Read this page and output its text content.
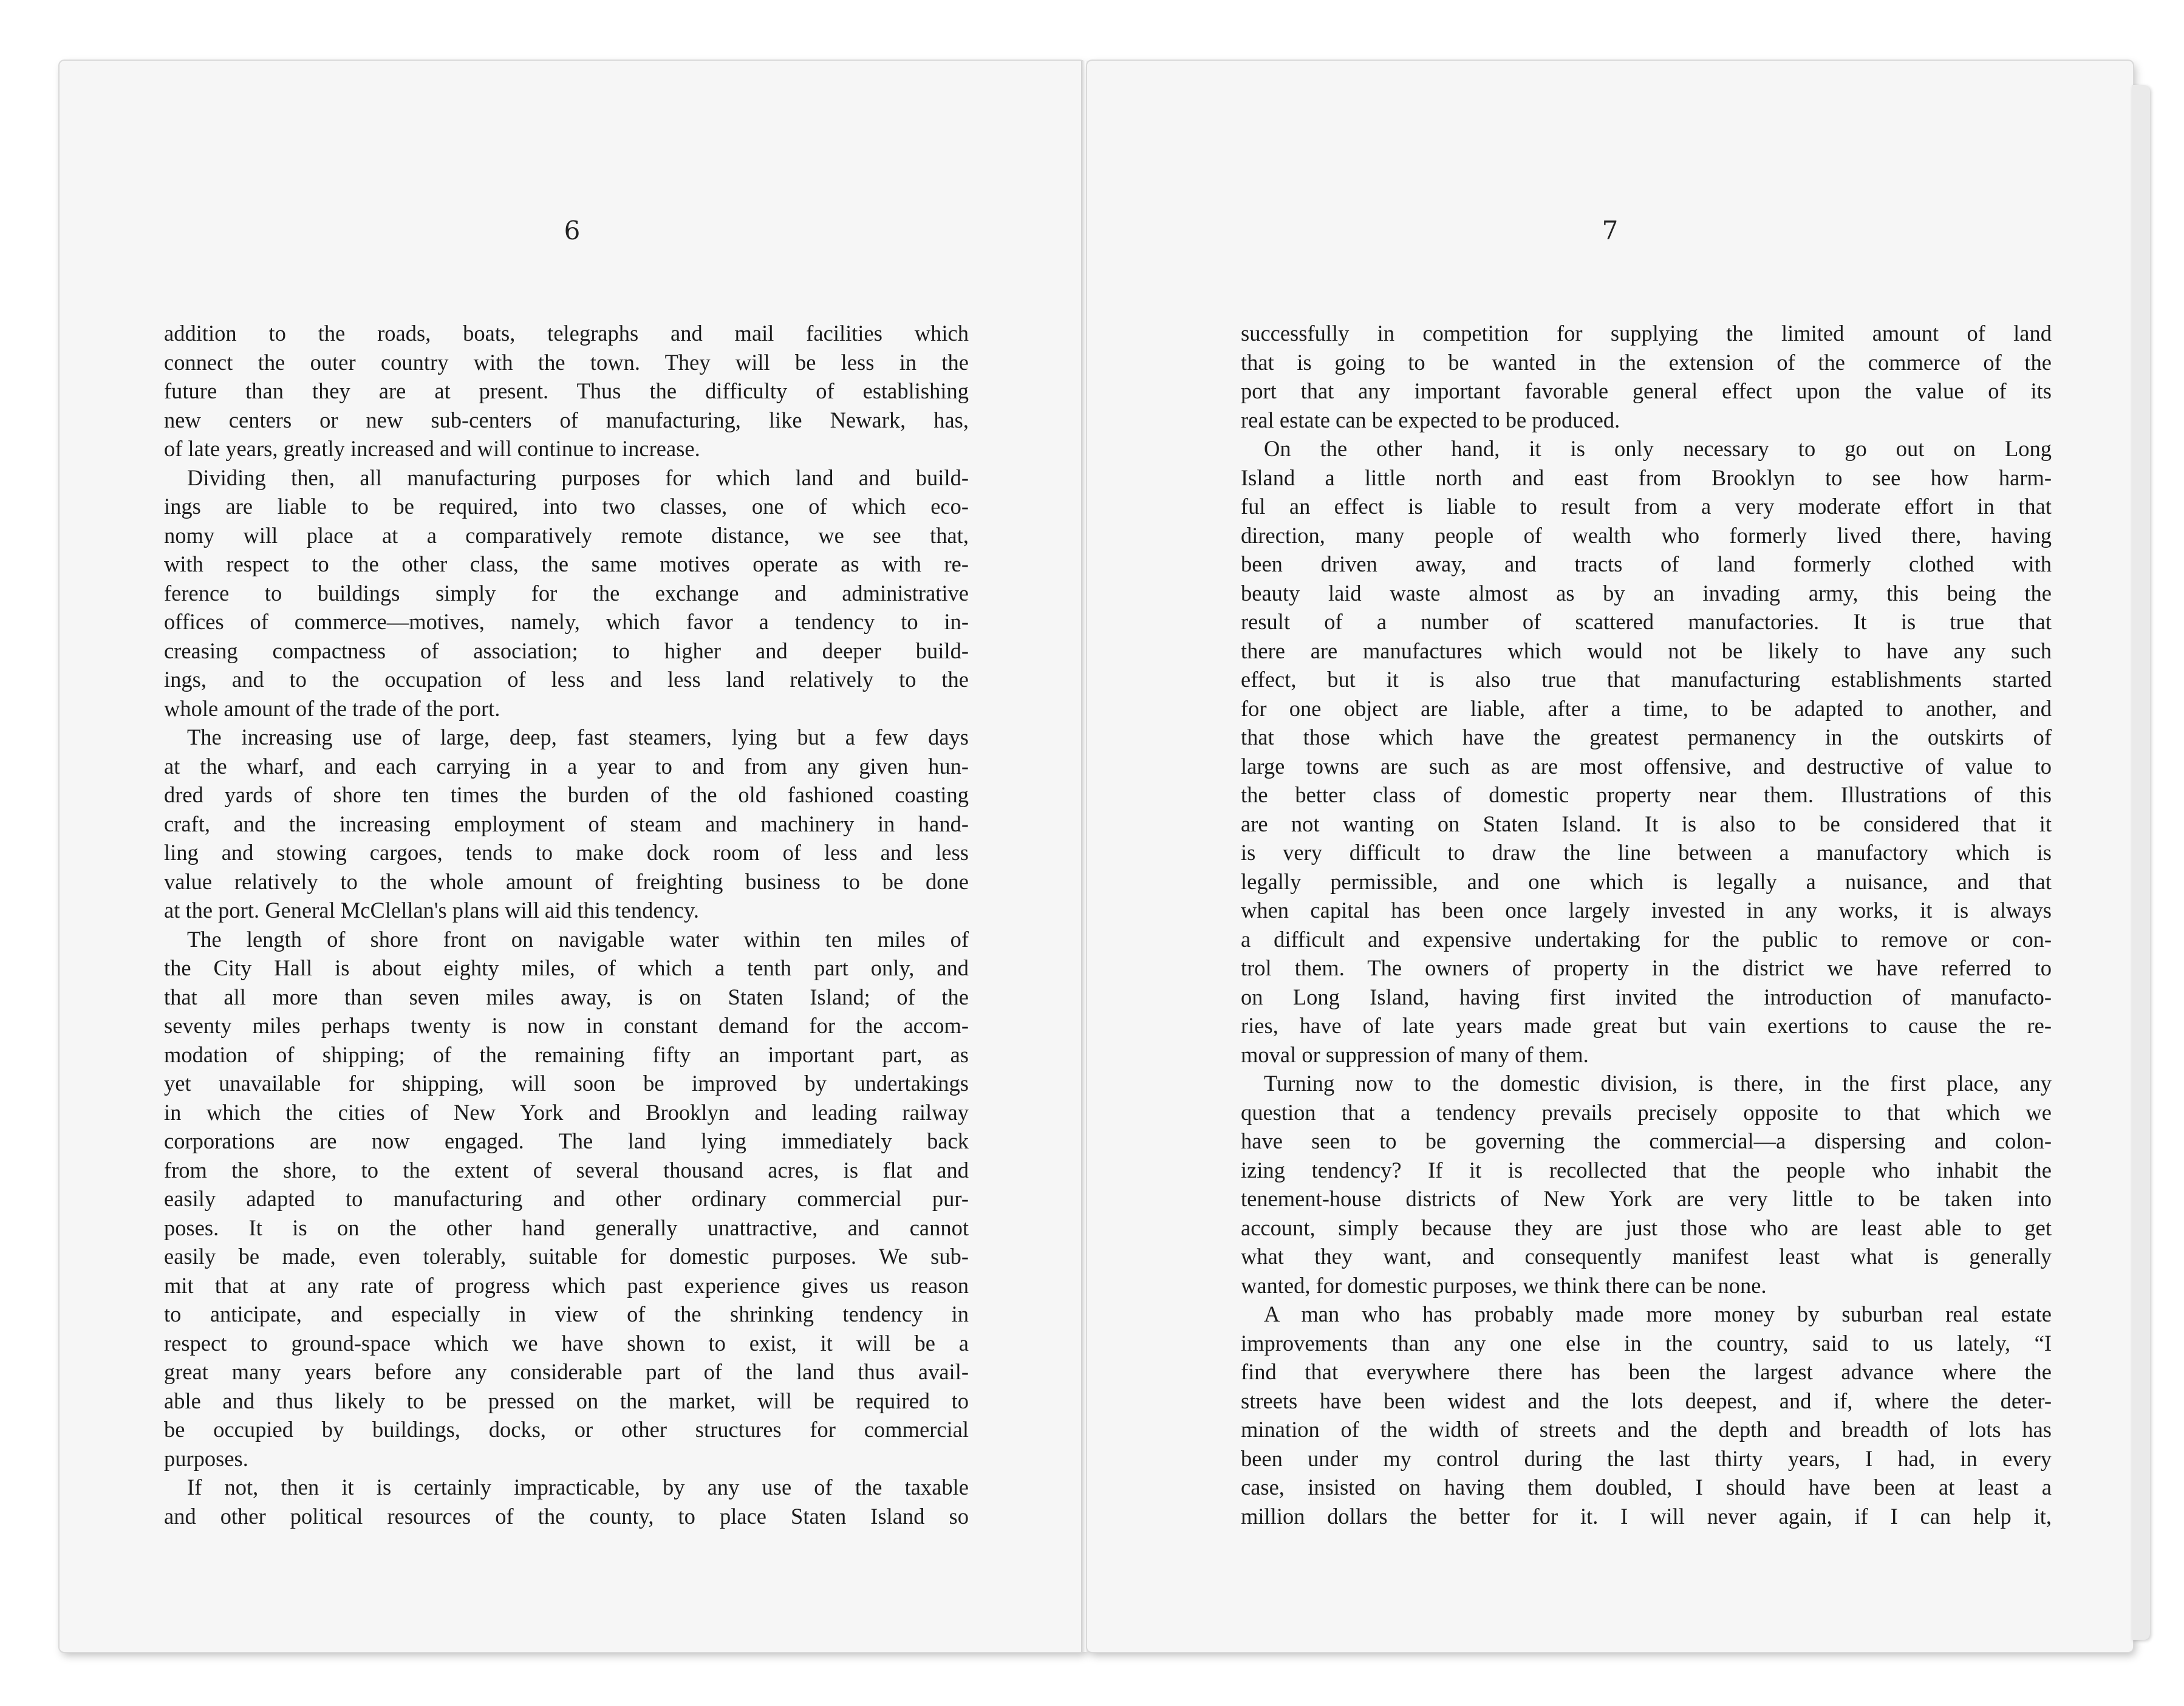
6
addition to the roads, boats, telegraphs and mail facilities which
connect the outer country with the town. They will be less in the
future than they are at present. Thus the difficulty of establishing
new centers or new sub-centers of manufacturing, like Newark, has,
of late years, greatly increased and will continue to increase.
Dividing then, all manufacturing purposes for which land and build-
ings are liable to be required, into two classes, one of which eco-
nomy will place at a comparatively remote distance, we see that,
with respect to the other class, the same motives operate as with re-
ference to buildings simply for the exchange and administrative
offices of commerce—motives, namely, which favor a tendency to in-
creasing compactness of association; to higher and deeper build-
ings, and to the occupation of less and less land relatively to the
whole amount of the trade of the port.
The increasing use of large, deep, fast steamers, lying but a few days
at the wharf, and each carrying in a year to and from any given hun-
dred yards of shore ten times the burden of the old fashioned coasting
craft, and the increasing employment of steam and machinery in hand-
ling and stowing cargoes, tends to make dock room of less and less
value relatively to the whole amount of freighting business to be done
at the port. General McClellan's plans will aid this tendency.
The length of shore front on navigable water within ten miles of
the City Hall is about eighty miles, of which a tenth part only, and
that all more than seven miles away, is on Staten Island; of the
seventy miles perhaps twenty is now in constant demand for the accom-
modation of shipping; of the remaining fifty an important part, as
yet unavailable for shipping, will soon be improved by undertakings
in which the cities of New York and Brooklyn and leading railway
corporations are now engaged. The land lying immediately back
from the shore, to the extent of several thousand acres, is flat and
easily adapted to manufacturing and other ordinary commercial pur-
poses. It is on the other hand generally unattractive, and cannot
easily be made, even tolerably, suitable for domestic purposes. We sub-
mit that at any rate of progress which past experience gives us reason
to anticipate, and especially in view of the shrinking tendency in
respect to ground-space which we have shown to exist, it will be a
great many years before any considerable part of the land thus avail-
able and thus likely to be pressed on the market, will be required to
be occupied by buildings, docks, or other structures for commercial
purposes.
If not, then it is certainly impracticable, by any use of the taxable
and other political resources of the county, to place Staten Island so
7
successfully in competition for supplying the limited amount of land
that is going to be wanted in the extension of the commerce of the
port that any important favorable general effect upon the value of its
real estate can be expected to be produced.
On the other hand, it is only necessary to go out on Long
Island a little north and east from Brooklyn to see how harm-
ful an effect is liable to result from a very moderate effort in that
direction, many people of wealth who formerly lived there, having
been driven away, and tracts of land formerly clothed with
beauty laid waste almost as by an invading army, this being the
result of a number of scattered manufactories. It is true that
there are manufactures which would not be likely to have any such
effect, but it is also true that manufacturing establishments started
for one object are liable, after a time, to be adapted to another, and
that those which have the greatest permanency in the outskirts of
large towns are such as are most offensive, and destructive of value to
the better class of domestic property near them. Illustrations of this
are not wanting on Staten Island. It is also to be considered that it
is very difficult to draw the line between a manufactory which is
legally permissible, and one which is legally a nuisance, and that
when capital has been once largely invested in any works, it is always
a difficult and expensive undertaking for the public to remove or con-
trol them. The owners of property in the district we have referred to
on Long Island, having first invited the introduction of manufacto-
ries, have of late years made great but vain exertions to cause the re-
moval or suppression of many of them.
Turning now to the domestic division, is there, in the first place, any
question that a tendency prevails precisely opposite to that which we
have seen to be governing the commercial—a dispersing and colon-
izing tendency? If it is recollected that the people who inhabit the
tenement-house districts of New York are very little to be taken into
account, simply because they are just those who are least able to get
what they want, and consequently manifest least what is generally
wanted, for domestic purposes, we think there can be none.
A man who has probably made more money by suburban real estate
improvements than any one else in the country, said to us lately, “I
find that everywhere there has been the largest advance where the
streets have been widest and the lots deepest, and if, where the deter-
mination of the width of streets and the depth and breadth of lots has
been under my control during the last thirty years, I had, in every
case, insisted on having them doubled, I should have been at least a
million dollars the better for it. I will never again, if I can help it,
